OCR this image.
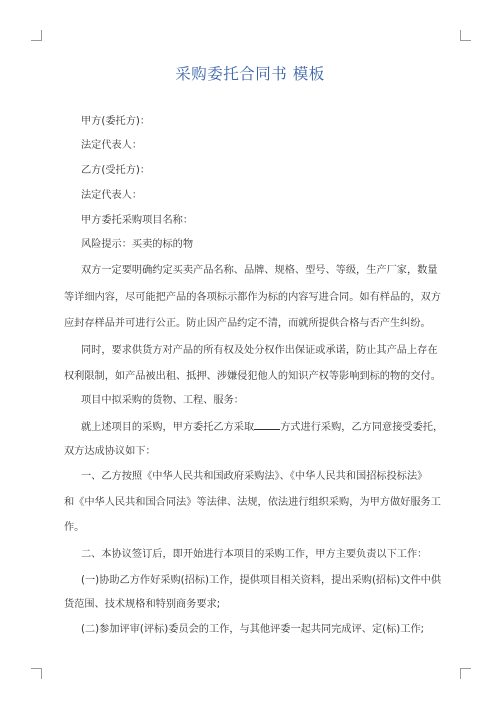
采购委托合同书 模板
甲方(委托方)：
法定代表人：
乙方(受托方)：
法定代表人：
甲方委托采购项目名称：
风险提示：买卖的标的物
双方一定要明确约定买卖产品名称、品牌、规格、型号、等级，生产厂家，数量
等详细内容，尽可能把产品的各项标示都作为标的内容写进合同。如有样品的，双方
应封存样品并可进行公正。防止因产品约定不清，而就所提供合格与否产生纠纷。
同时，要求供货方对产品的所有权及处分权作出保证或承诺，防止其产品上存在
权利限制，如产品被出租、抵押、涉嫌侵犯他人的知识产权等影响到标的物的交付。
项目中拟采购的货物、工程、服务：
就上述项目的采购，甲方委托乙方采取	方式进行采购，乙方同意接受委托，
双方达成协议如下：
一、乙方按照《中华人民共和国政府采购法》、《中华人民共和国招标投标法》
和《中华人民共和国合同法》等法律、法规，依法进行组织采购，为甲方做好服务工
作。
二、本协议签订后，即开始进行本项目的采购工作，甲方主要负责以下工作：
(一)协助乙方作好采购(招标)工作，提供项目相关资料，提出采购(招标)文件中供
货范围、技术规格和特别商务要求;
(二)参加评审(评标)委员会的工作，与其他评委一起共同完成评、定(标)工作;
